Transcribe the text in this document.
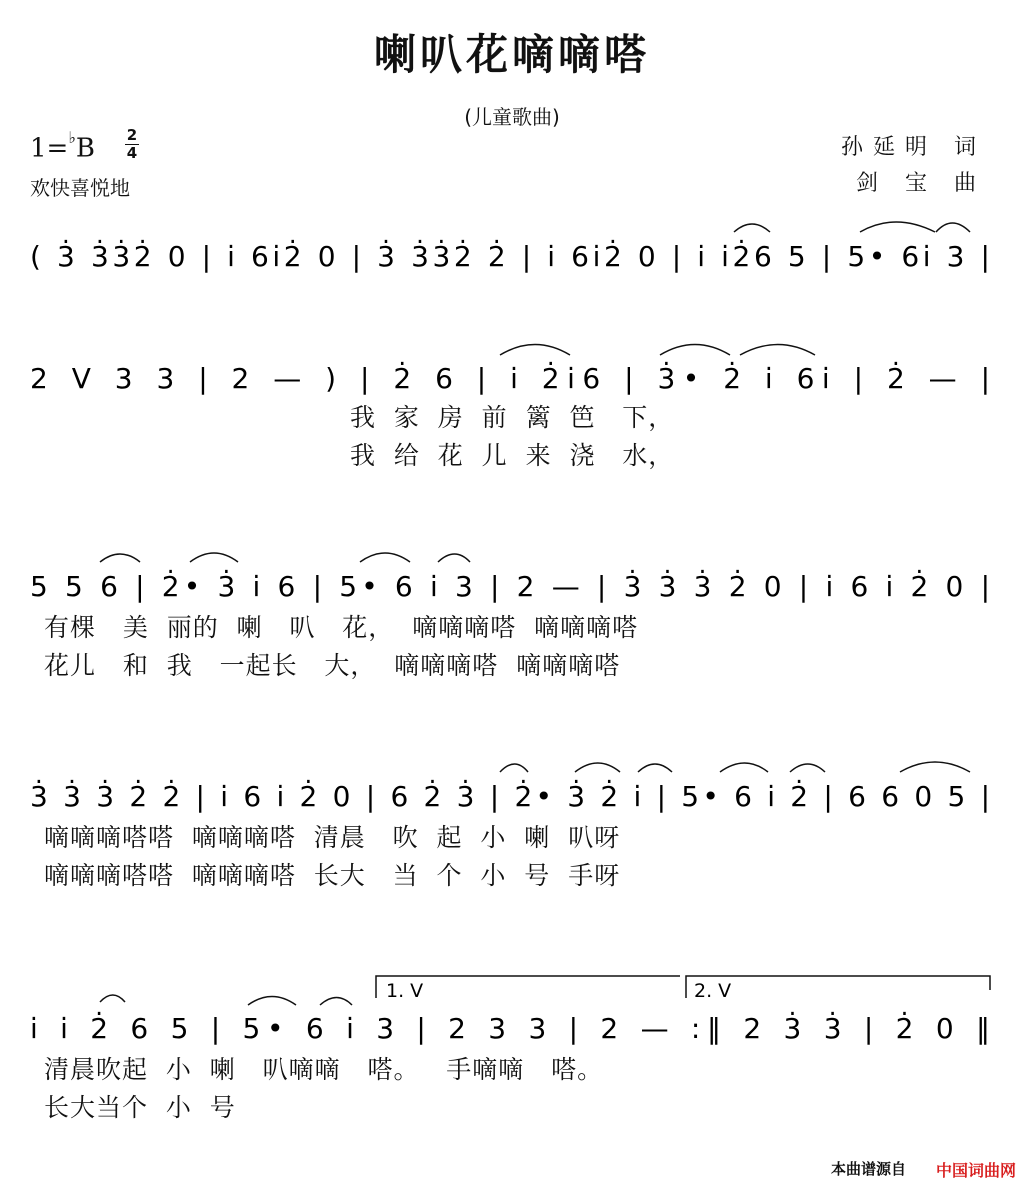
喇叭花嘀嘀嗒
(儿童歌曲)
1=♭B 2
4
欢快喜悦地
孙延明 词
剑 宝 曲
( 3̇ 3̇3̇2̇ 0 | i̇ 6i̇2̇ 0 | 3̇ 3̇3̇2̇ 2̇ | i̇ 6i̇2̇ 0 | i̇ i̇2̇6 5 | 5• 6i̇ 3 |
2 V 3 3 | 2 — ) | 2̇ 6 | i̇ 2̇i̇6 | 3̇• 2̇ i̇ 6i̇ | 2̇ — |
5 5 6 | 2̇• 3̇ i̇ 6 | 5• 6 i̇ 3 | 2 — | 3̇ 3̇ 3̇ 2̇ 0 | i̇ 6 i̇ 2̇ 0 |
3̇ 3̇ 3̇ 2̇ 2̇ | i̇ 6 i̇ 2̇ 0 | 6 2̇ 3̇ | 2̇• 3̇ 2̇ i̇ | 5• 6 i̇ 2̇ | 6 6 0 5 |
i̇ i̇ 2̇ 6 5 | 5• 6 i̇ 3 | 2 3 3 | 2 — :‖ 2 3̇ 3̇ | 2̇ 0 ‖
1. V	2. V
我  家  房  前  篱  笆   下，
我  给  花  儿  来  浇   水，
有棵   美  丽的  喇   叭   花，  嘀嘀嘀嗒  嘀嘀嘀嗒
花儿   和  我   一起长   大，  嘀嘀嘀嗒  嘀嘀嘀嗒
嘀嘀嘀嗒嗒  嘀嘀嘀嗒  清晨   吹  起  小  喇  叭呀
嘀嘀嘀嗒嗒  嘀嘀嘀嗒  长大   当  个  小  号  手呀
清晨吹起  小  喇   叭嘀嘀   嗒。   手嘀嘀   嗒。
长大当个  小  号
本曲谱源自 中国词曲网
